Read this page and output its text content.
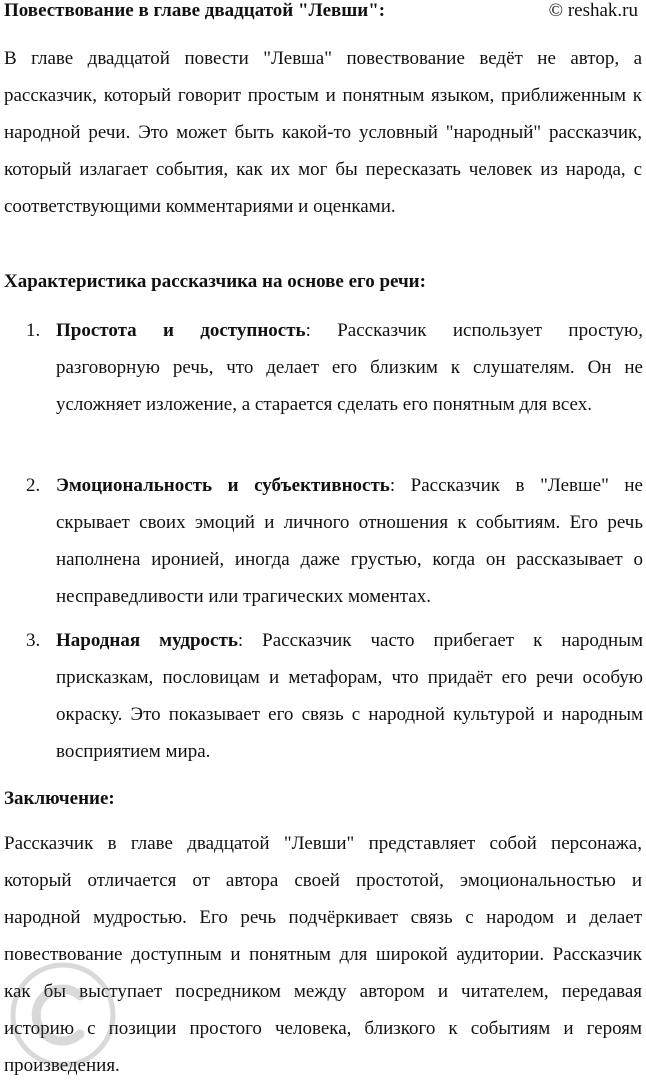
Повествование в главе двадцатой "Левши":	© reshak.ru

В главе двадцатой повести "Левша" повествование ведёт не автор, а рассказчик, который говорит простым и понятным языком, приближенным к народной речи. Это может быть какой-то условный "народный" рассказчик, который излагает события, как их мог бы пересказать человек из народа, с соответствующими комментариями и оценками.

Характеристика рассказчика на основе его речи:
1. Простота и доступность: Рассказчик использует простую, разговорную речь, что делает его близким к слушателям. Он не усложняет изложение, а старается сделать его понятным для всех.

2. Эмоциональность и субъективность: Рассказчик в "Левше" не скрывает своих эмоций и личного отношения к событиям. Его речь наполнена иронией, иногда даже грустью, когда он рассказывает о несправедливости или трагических моментах.

3. Народная мудрость: Рассказчик часто прибегает к народным присказкам, пословицам и метафорам, что придаёт его речи особую окраску. Это показывает его связь с народной культурой и народным восприятием мира.

Заключение:

Рассказчик в главе двадцатой "Левши" представляет собой персонажа, который отличается от автора своей простотой, эмоциональностью и народной мудростью. Его речь подчёркивает связь с народом и делает повествование доступным и понятным для широкой аудитории. Рассказчик как бы выступает посредником между автором и читателем, передавая историю с позиции простого человека, близкого к событиям и героям произведения.
